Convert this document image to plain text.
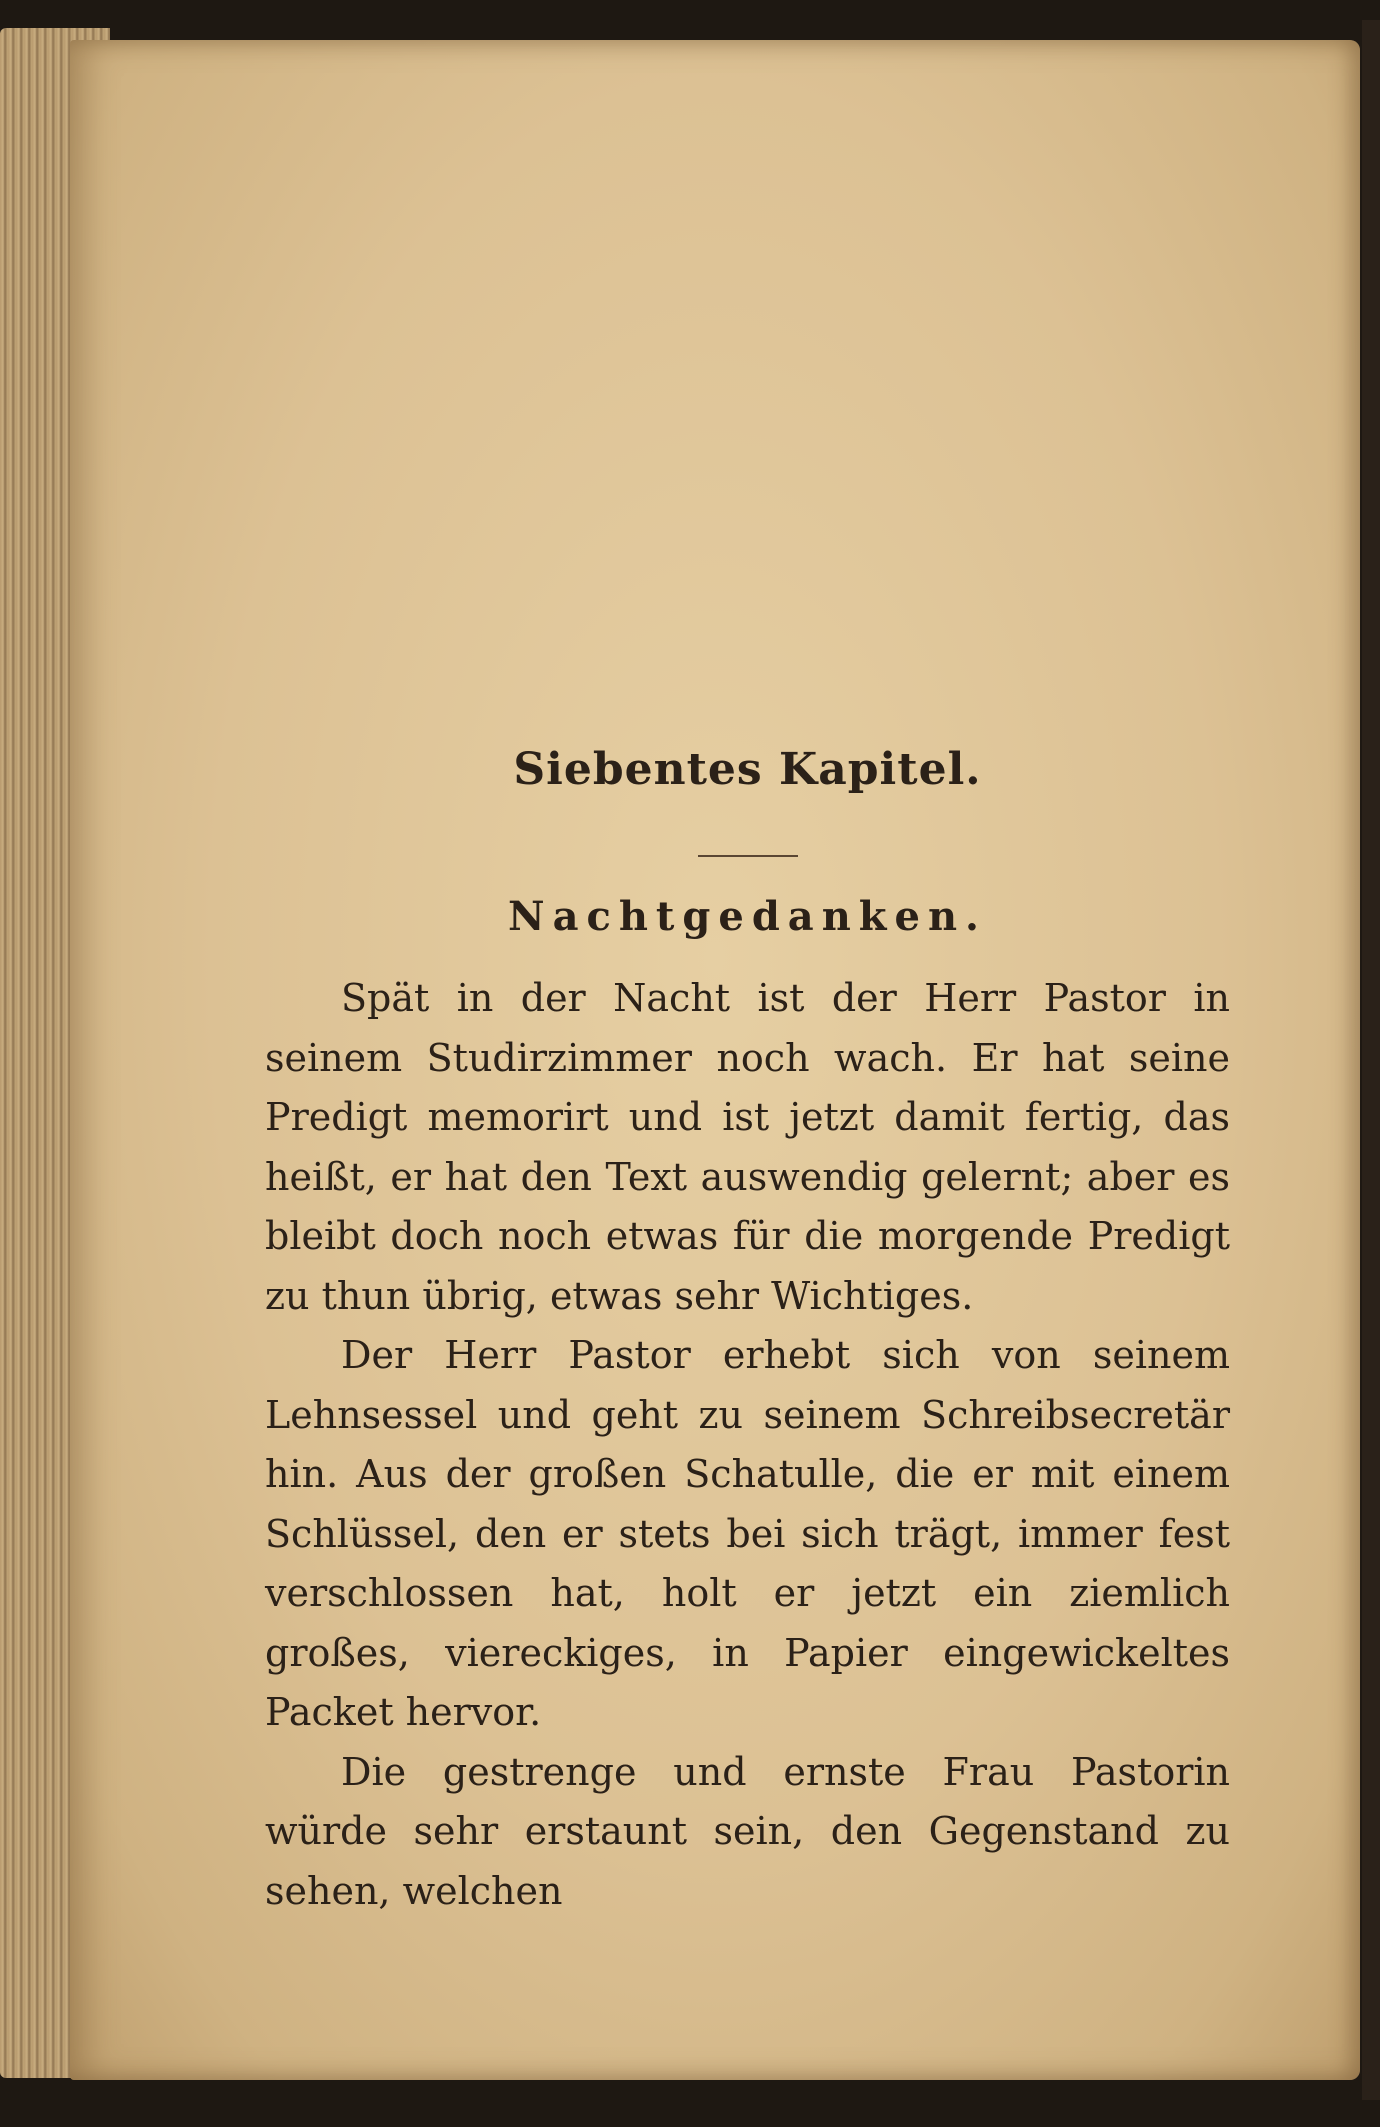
Siebentes Kapitel.
Nachtgedanken.

Spät in der Nacht ist der Herr Pastor in seinem Studirzimmer noch wach. Er hat seine Predigt memorirt und ist jetzt damit fertig, das heißt, er hat den Text auswendig gelernt; aber es bleibt doch noch etwas für die morgende Predigt zu thun übrig, etwas sehr Wichtiges.

Der Herr Pastor erhebt sich von seinem Lehnsessel und geht zu seinem Schreibsecretär hin. Aus der großen Schatulle, die er mit einem Schlüssel, den er stets bei sich trägt, immer fest verschlossen hat, holt er jetzt ein ziemlich großes, viereckiges, in Papier eingewickeltes Packet hervor.

Die gestrenge und ernste Frau Pastorin würde sehr erstaunt sein, den Gegenstand zu sehen, welchen
